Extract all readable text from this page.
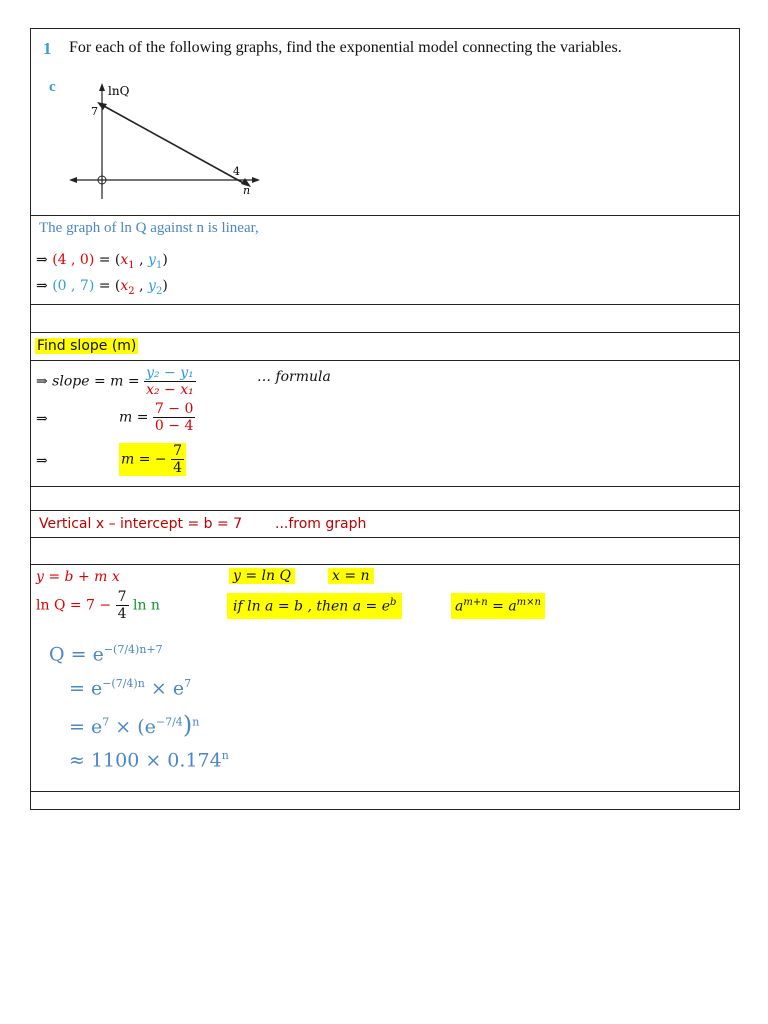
1 For each of the following graphs, find the exponential model connecting the variables.
c	lnQ
7
4
n
The graph of ln Q against n is linear,
⇒ (4 , $0) = (x_1$ , $y_1$)
⇒ (0 , $7) = (x_2$ , $y_2$)
Find slope (m)
⇒ slope = $m = \frac{\text{y₂ − y₁}}{\text{x₂ − x₁}}$	… formula
⇒	$m = \frac{7 - 0}{0 - 4}$
⇒	m = − $\frac{7}{4}$
Vertical x – intercept = b = 7 ...from graph
y = b + m x	y = ln Q	x = n
$\ln Q = 7 - \frac{7}{4}$ ln n	if ln a = b , then $a = e^b$	$a^{m+n} = a^{m\times n}$
$Q = e^{-(7/4)n+7}$
= $e^{-(7/4)n} \times e^7$
= $e^7 \times (e^{-7/4})^n$
≈ $1100 \times 0.174^n$
